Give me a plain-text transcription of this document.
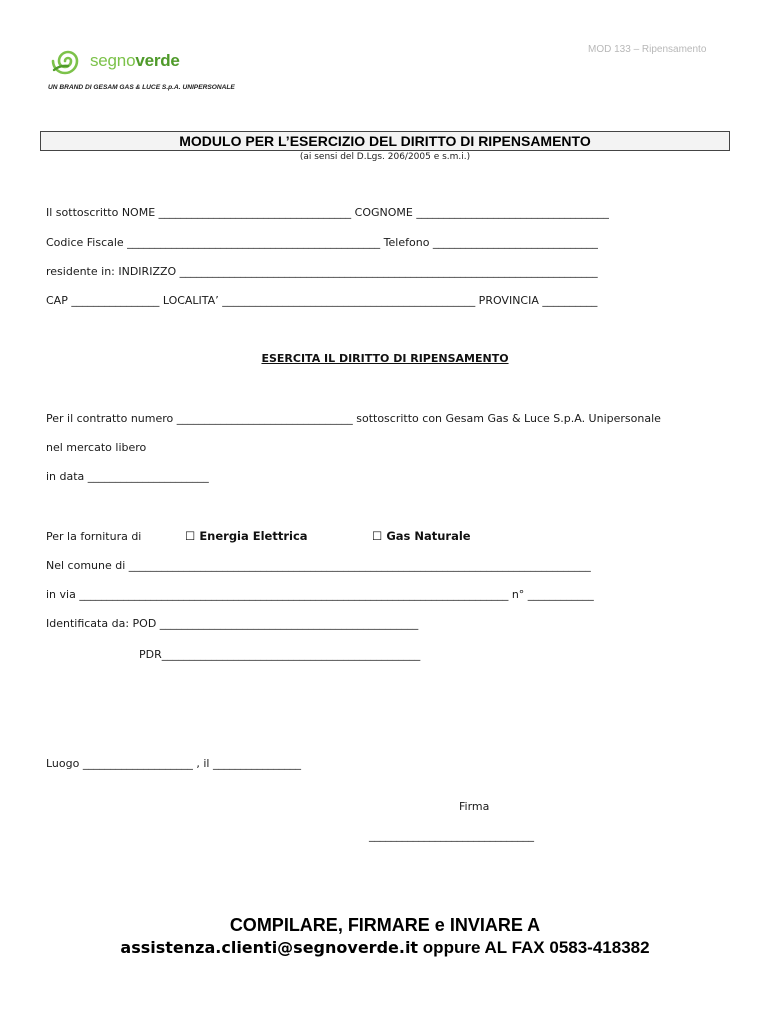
MOD 133 – Ripensamento
segnoverde
UN BRAND DI GESAM GAS & LUCE S.p.A. UNIPERSONALE
MODULO PER L’ESERCIZIO DEL DIRITTO DI RIPENSAMENTO
(ai sensi del D.Lgs. 206/2005 e s.m.i.)
Il sottoscritto NOME ___________________________________ COGNOME ___________________________________
Codice Fiscale ______________________________________________ Telefono ______________________________
residente in: INDIRIZZO ____________________________________________________________________________
CAP ________________ LOCALITA’ ______________________________________________ PROVINCIA __________
ESERCITA IL DIRITTO DI RIPENSAMENTO
Per il contratto numero ________________________________ sottoscritto con Gesam Gas & Luce S.p.A. Unipersonale
nel mercato libero
in data ______________________
Per la fornitura di	☐ Energia Elettrica	☐ Gas Naturale
Nel comune di ____________________________________________________________________________________
in via ______________________________________________________________________________ n° ____________
Identificata da: POD _______________________________________________
PDR_______________________________________________
Luogo ____________________ , il ________________
Firma
______________________________
COMPILARE, FIRMARE e INVIARE A
assistenza.clienti@segnoverde.it oppure AL FAX 0583-418382
